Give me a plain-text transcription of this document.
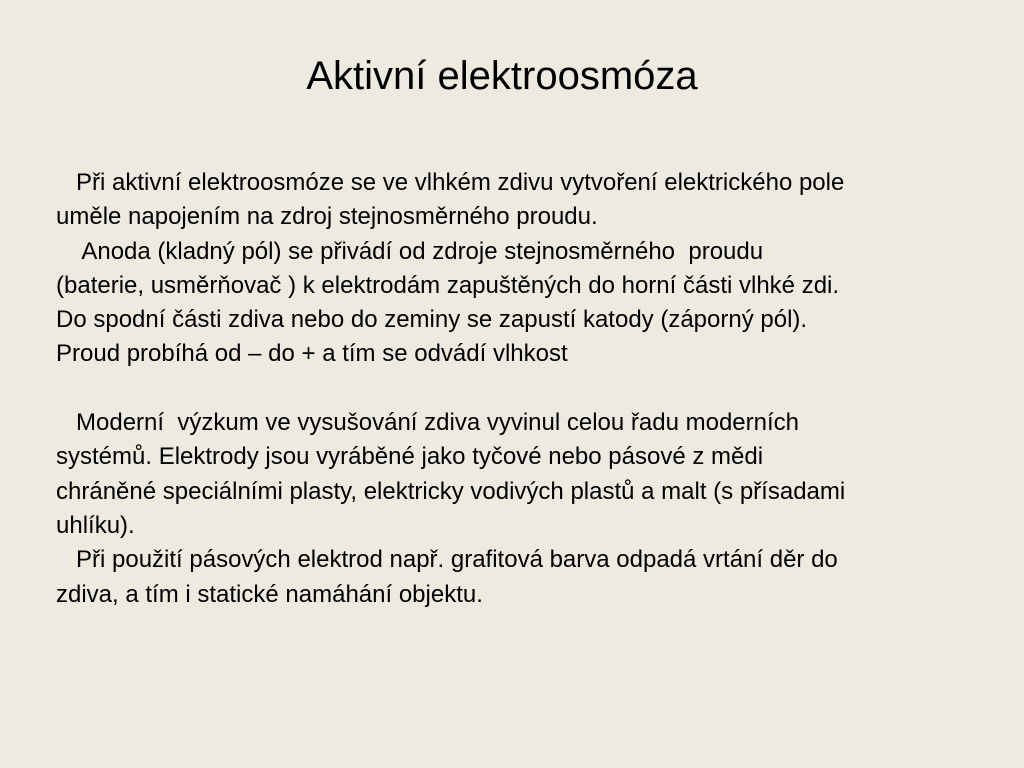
Aktivní elektroosmóza
Při aktivní elektroosmóze se ve vlhkém zdivu vytvoření elektrického pole
uměle napojením na zdroj stejnosměrného proudu.
Anoda (kladný pól) se přivádí od zdroje stejnosměrného  proudu
(baterie, usměrňovač ) k elektrodám zapuštěných do horní části vlhké zdi.
Do spodní části zdiva nebo do zeminy se zapustí katody (záporný pól).
Proud probíhá od – do + a tím se odvádí vlhkost

Moderní  výzkum ve vysušování zdiva vyvinul celou řadu moderních
systémů. Elektrody jsou vyráběné jako tyčové nebo pásové z mědi
chráněné speciálními plasty, elektricky vodivých plastů a malt (s přísadami
uhlíku).
Při použití pásových elektrod např. grafitová barva odpadá vrtání děr do
zdiva, a tím i statické namáhání objektu.
